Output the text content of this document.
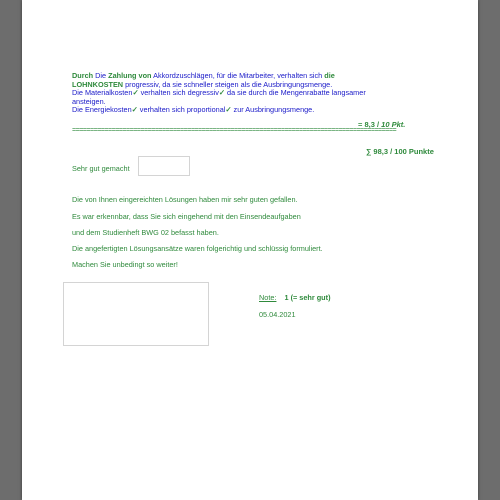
Durch Die Zahlung von Akkordzuschlägen, für die Mitarbeiter, verhalten sich die
LOHNKOSTEN progressiv, da sie schneller steigen als die Ausbringungsmenge.
Die Materialkosten✓ verhalten sich degressiv✓ da sie durch die Mengenrabatte langsamer
ansteigen.
Die Energiekosten✓ verhalten sich proportional✓ zur Ausbringungsmenge.
= 8,3 / 10 Pkt.
==========================================================================================
∑ 98,3 / 100 Punkte
Sehr gut gemacht
Die von Ihnen eingereichten Lösungen haben mir sehr guten gefallen.
Es war erkennbar, dass Sie sich eingehend mit den Einsendeaufgaben
und dem Studienheft BWG 02 befasst haben.
Die angefertigten Lösungsansätze waren folgerichtig und schlüssig formuliert.
Machen Sie unbedingt so weiter!
Note: 1 (= sehr gut)
05.04.2021
